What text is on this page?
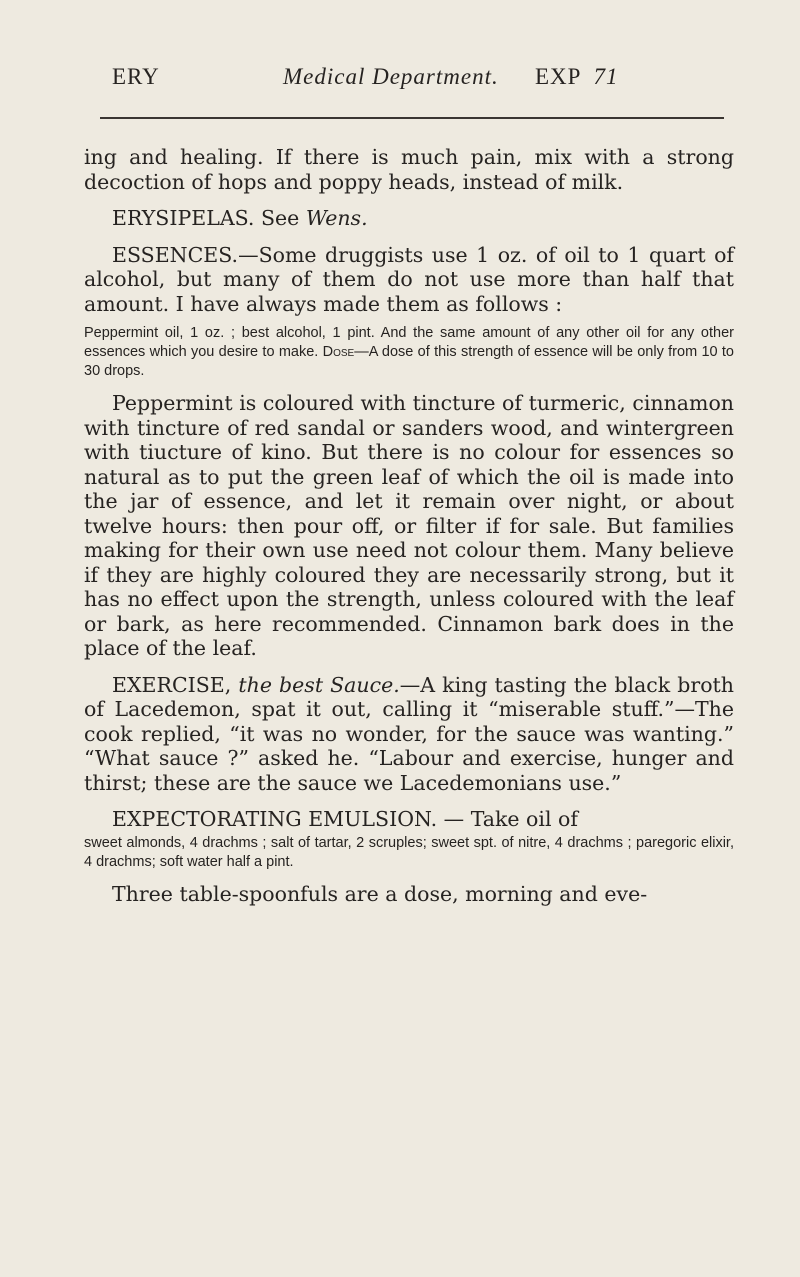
ERY	Medical Department. EXP 71

ing and healing. If there is much pain, mix with a strong decoction of hops and poppy heads, instead of milk.

ERYSIPELAS. See Wens.

ESSENCES.—Some druggists use 1 oz. of oil to 1 quart of alcohol, but many of them do not use more than half that amount. I have always made them as follows :

Peppermint oil, 1 oz. ; best alcohol, 1 pint. And the same amount of any other oil for any other essences which you desire to make. Dose—A dose of this strength of essence will be only from 10 to 30 drops.

Peppermint is coloured with tincture of turmeric, cinnamon with tincture of red sandal or sanders wood, and wintergreen with tiucture of kino. But there is no colour for essences so natural as to put the green leaf of which the oil is made into the jar of essence, and let it remain over night, or about twelve hours: then pour off, or filter if for sale. But families making for their own use need not colour them. Many believe if they are highly coloured they are necessarily strong, but it has no effect upon the strength, unless coloured with the leaf or bark, as here recommended. Cinnamon bark does in the place of the leaf.

EXERCISE, the best Sauce.—A king tasting the black broth of Lacedemon, spat it out, calling it “miserable stuff.”—The cook replied, “it was no wonder, for the sauce was wanting.” “What sauce ?” asked he. “Labour and exercise, hunger and thirst; these are the sauce we Lacedemonians use.”

EXPECTORATING EMULSION. — Take oil of

sweet almonds, 4 drachms ; salt of tartar, 2 scruples; sweet spt. of nitre, 4 drachms ; paregoric elixir, 4 drachms; soft water half a pint.

Three table-spoonfuls are a dose, morning and eve-
